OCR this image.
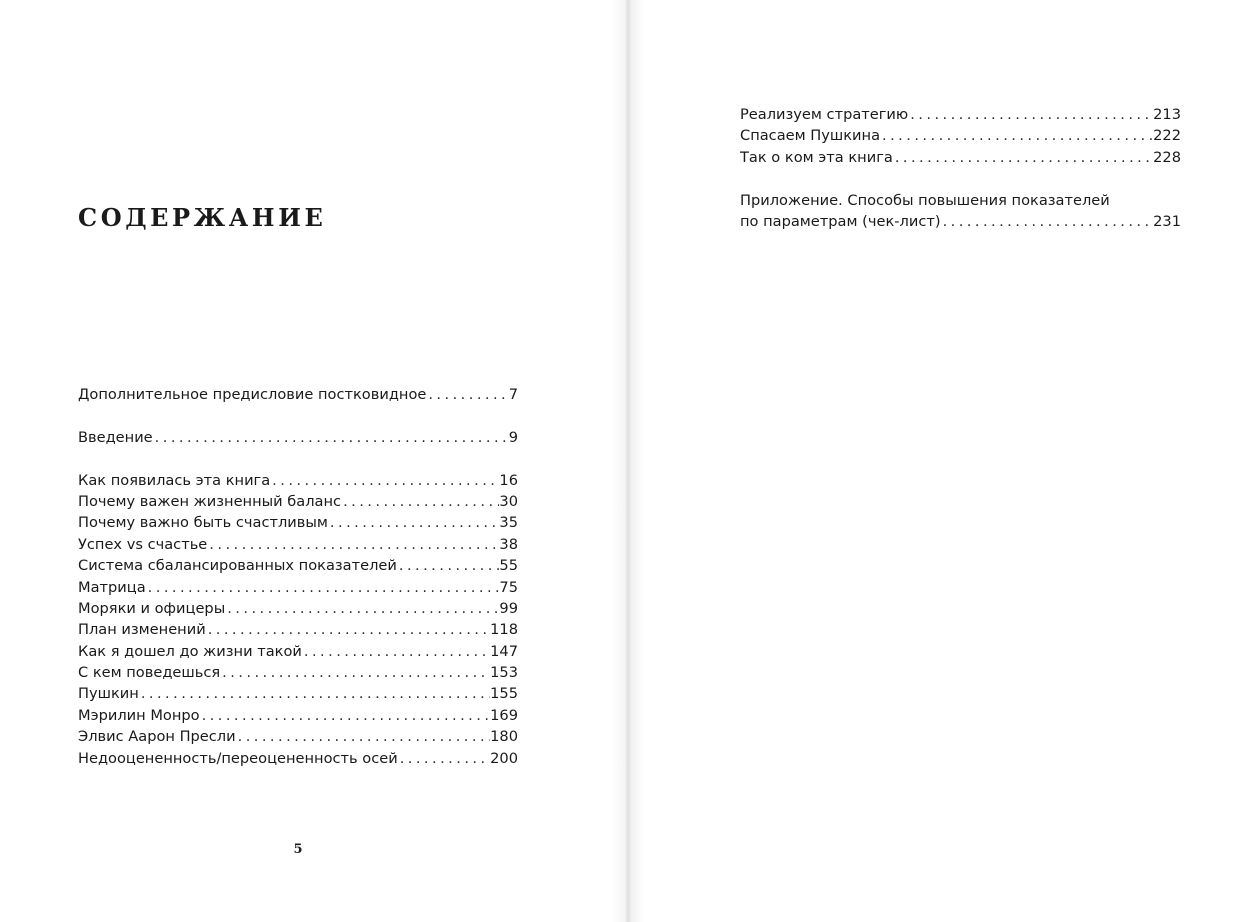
СОДЕРЖАНИЕ
Дополнительное предисловие постковидное . . .	7
Введение . . .	9
Как появилась эта книга . . .	16
Почему важен жизненный баланс . . .	30
Почему важно быть счастливым . . .	35
Успех vs счастье . . .	38
Система сбалансированных показателей . . .	55
Матрица . . .	75
Моряки и офицеры . . .	99
План изменений . . .	118
Как я дошел до жизни такой . . .	147
С кем поведешься . . .	153
Пушкин . . .	155
Мэрилин Монро . . .	169
Элвис Аарон Пресли . . .	180
Недооцененность/переоцененность осей . . .	200
5
Реализуем стратегию . . .	213
Спасаем Пушкина . . .	222
Так о ком эта книга . . .	228
Приложение. Способы повышения показателей
по параметрам (чек-лист) . . .	231
